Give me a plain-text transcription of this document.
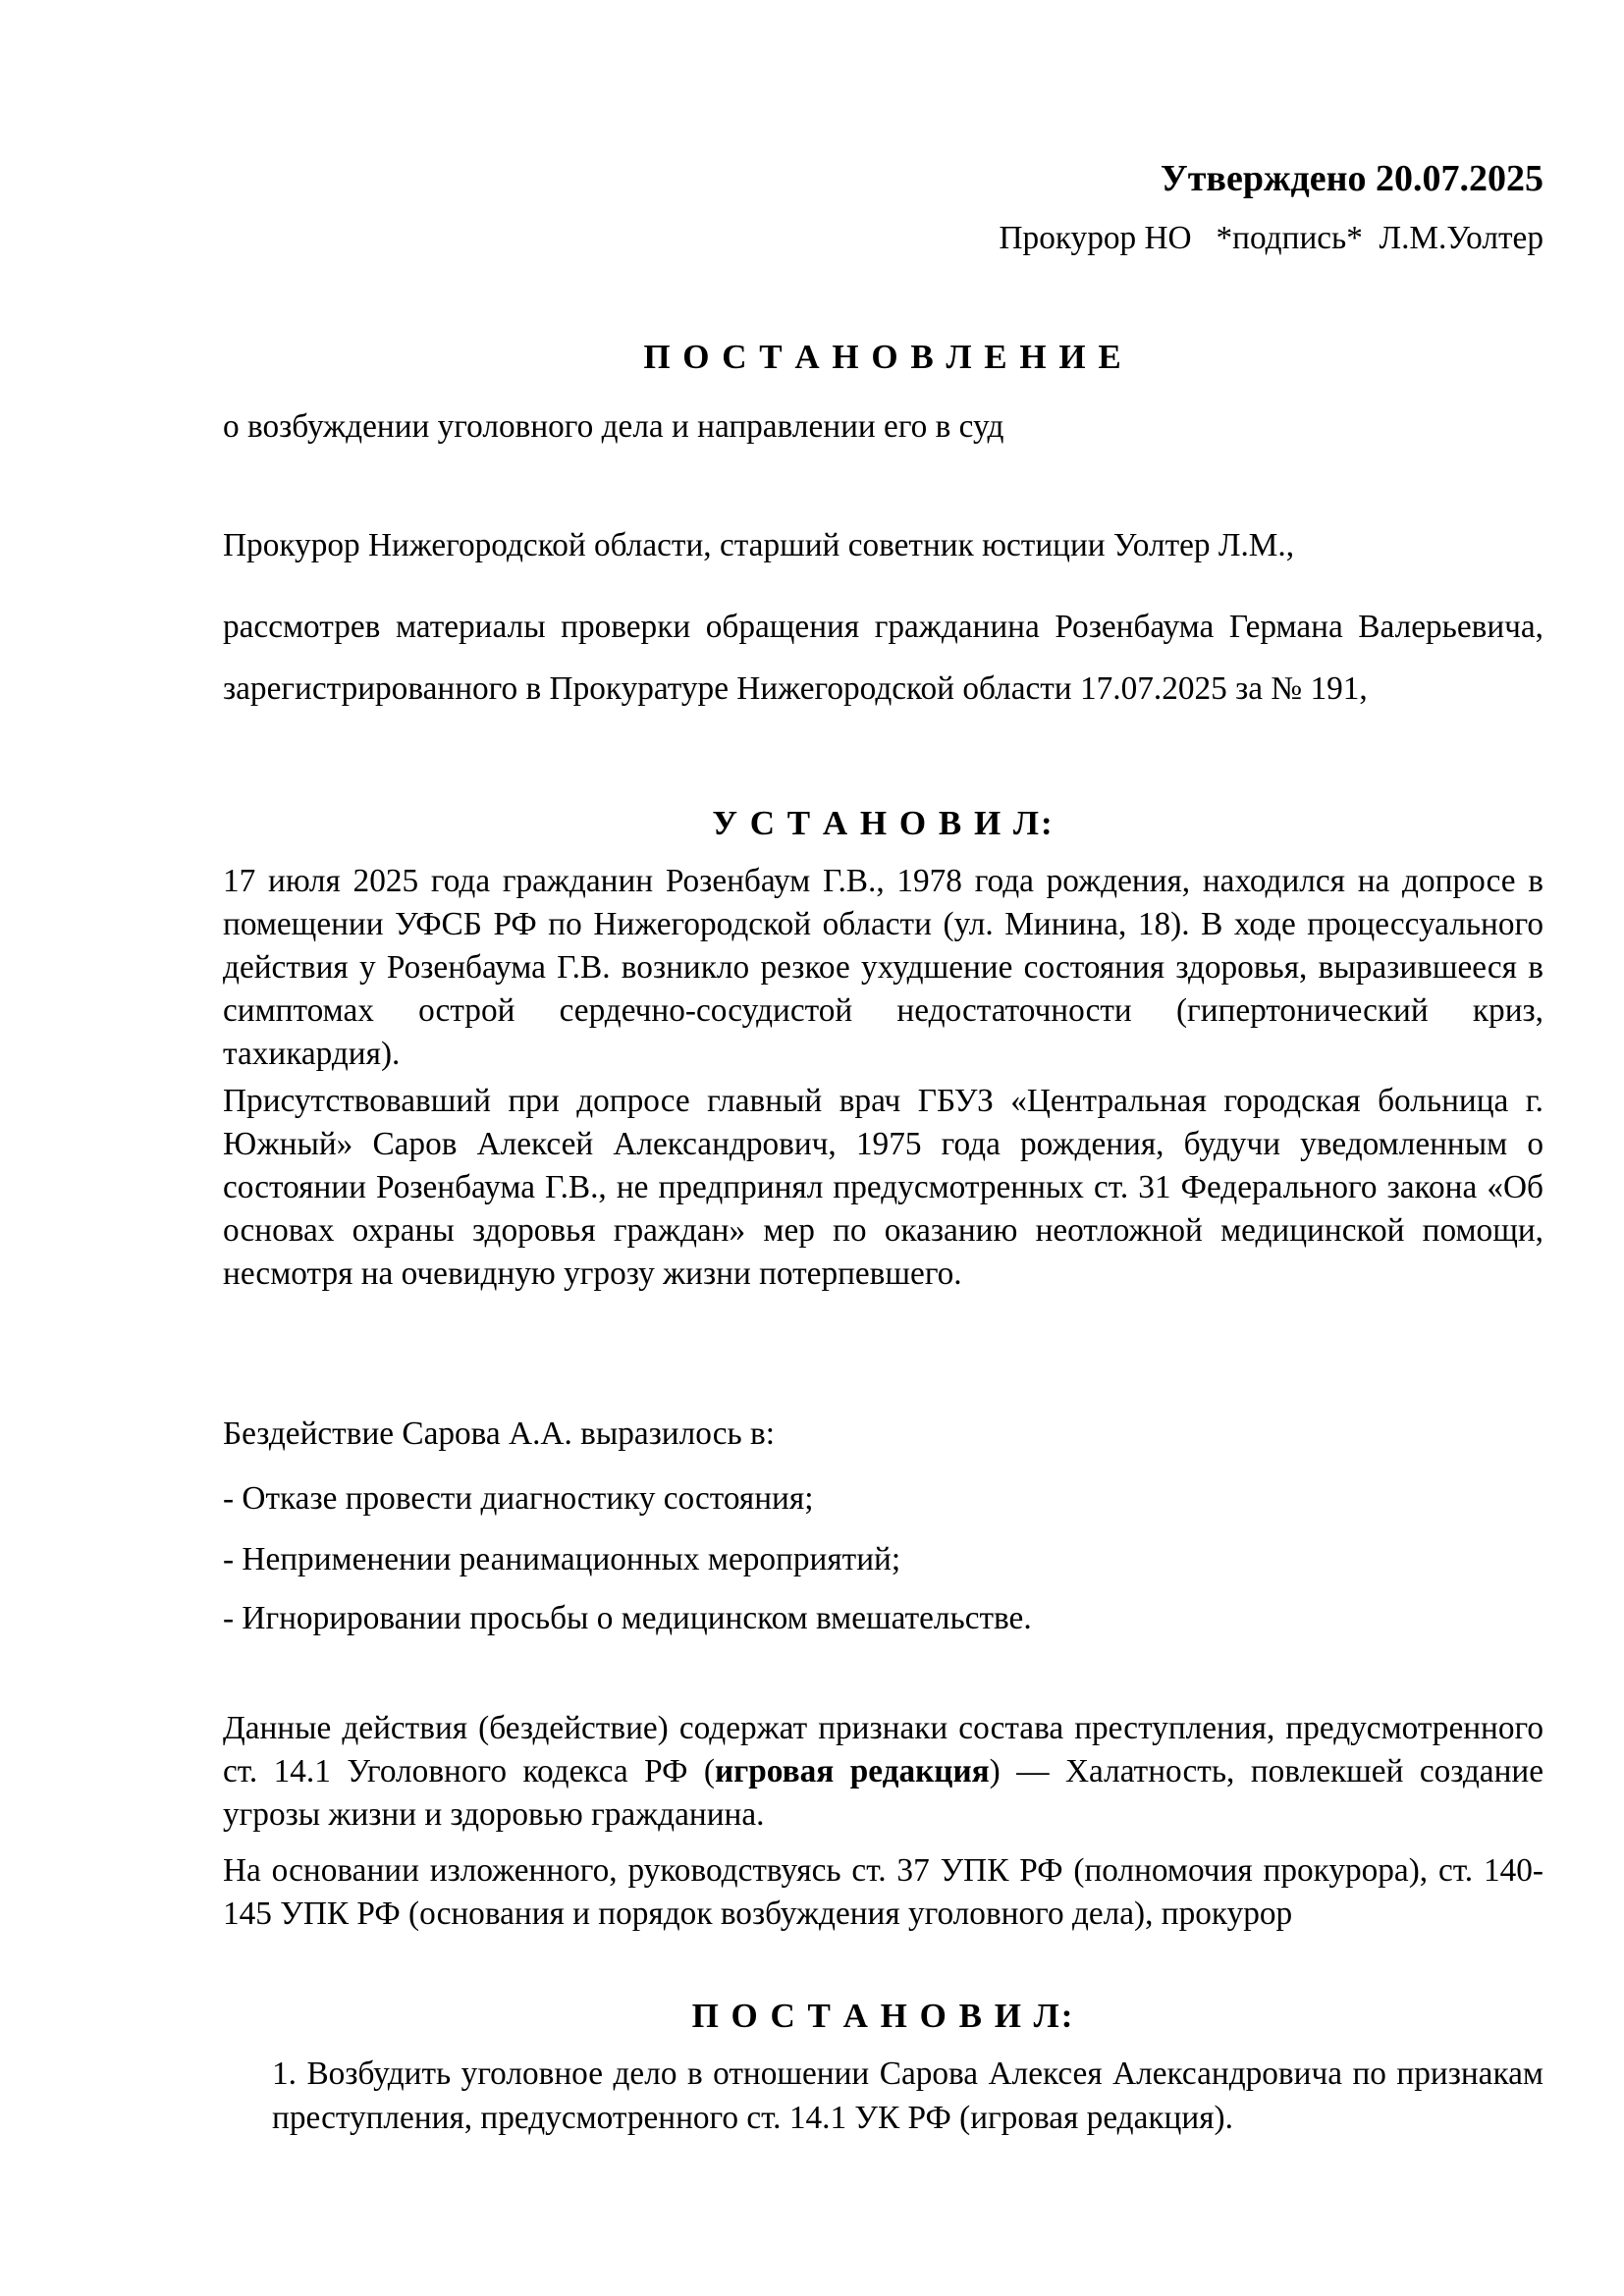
Утверждено 20.07.2025
Прокурор НО   *подпись*  Л.М.Уолтер
П О С Т А Н О В Л Е Н И Е
о возбуждении уголовного дела и направлении его в суд
Прокурор Нижегородской области, старший советник юстиции Уолтер Л.М.,
рассмотрев материалы проверки обращения гражданина Розенбаума Германа Валерьевича, зарегистрированного в Прокуратуре Нижегородской области 17.07.2025 за № 191,
У С Т А Н О В И Л:
17 июля 2025 года гражданин Розенбаум Г.В., 1978 года рождения, находился на допросе в помещении УФСБ РФ по Нижегородской области (ул. Минина, 18). В ходе процессуального действия у Розенбаума Г.В. возникло резкое ухудшение состояния здоровья, выразившееся в симптомах острой сердечно-сосудистой недостаточности (гипертонический криз, тахикардия).
Присутствовавший при допросе главный врач ГБУЗ «Центральная городская больница г. Южный» Саров Алексей Александрович, 1975 года рождения, будучи уведомленным о состоянии Розенбаума Г.В., не предпринял предусмотренных ст. 31 Федерального закона «Об основах охраны здоровья граждан» мер по оказанию неотложной медицинской помощи, несмотря на очевидную угрозу жизни потерпевшего.
Бездействие Сарова А.А. выразилось в:
- Отказе провести диагностику состояния;
- Неприменении реанимационных мероприятий;
- Игнорировании просьбы о медицинском вмешательстве.
Данные действия (бездействие) содержат признаки состава преступления, предусмотренного ст. 14.1 Уголовного кодекса РФ (игровая редакция) — Халатность, повлекшей создание угрозы жизни и здоровью гражданина.
На основании изложенного, руководствуясь ст. 37 УПК РФ (полномочия прокурора), ст. 140-145 УПК РФ (основания и порядок возбуждения уголовного дела), прокурор
П О С Т А Н О В И Л:
1. Возбудить уголовное дело в отношении Сарова Алексея Александровича по признакам преступления, предусмотренного ст. 14.1 УК РФ (игровая редакция).
